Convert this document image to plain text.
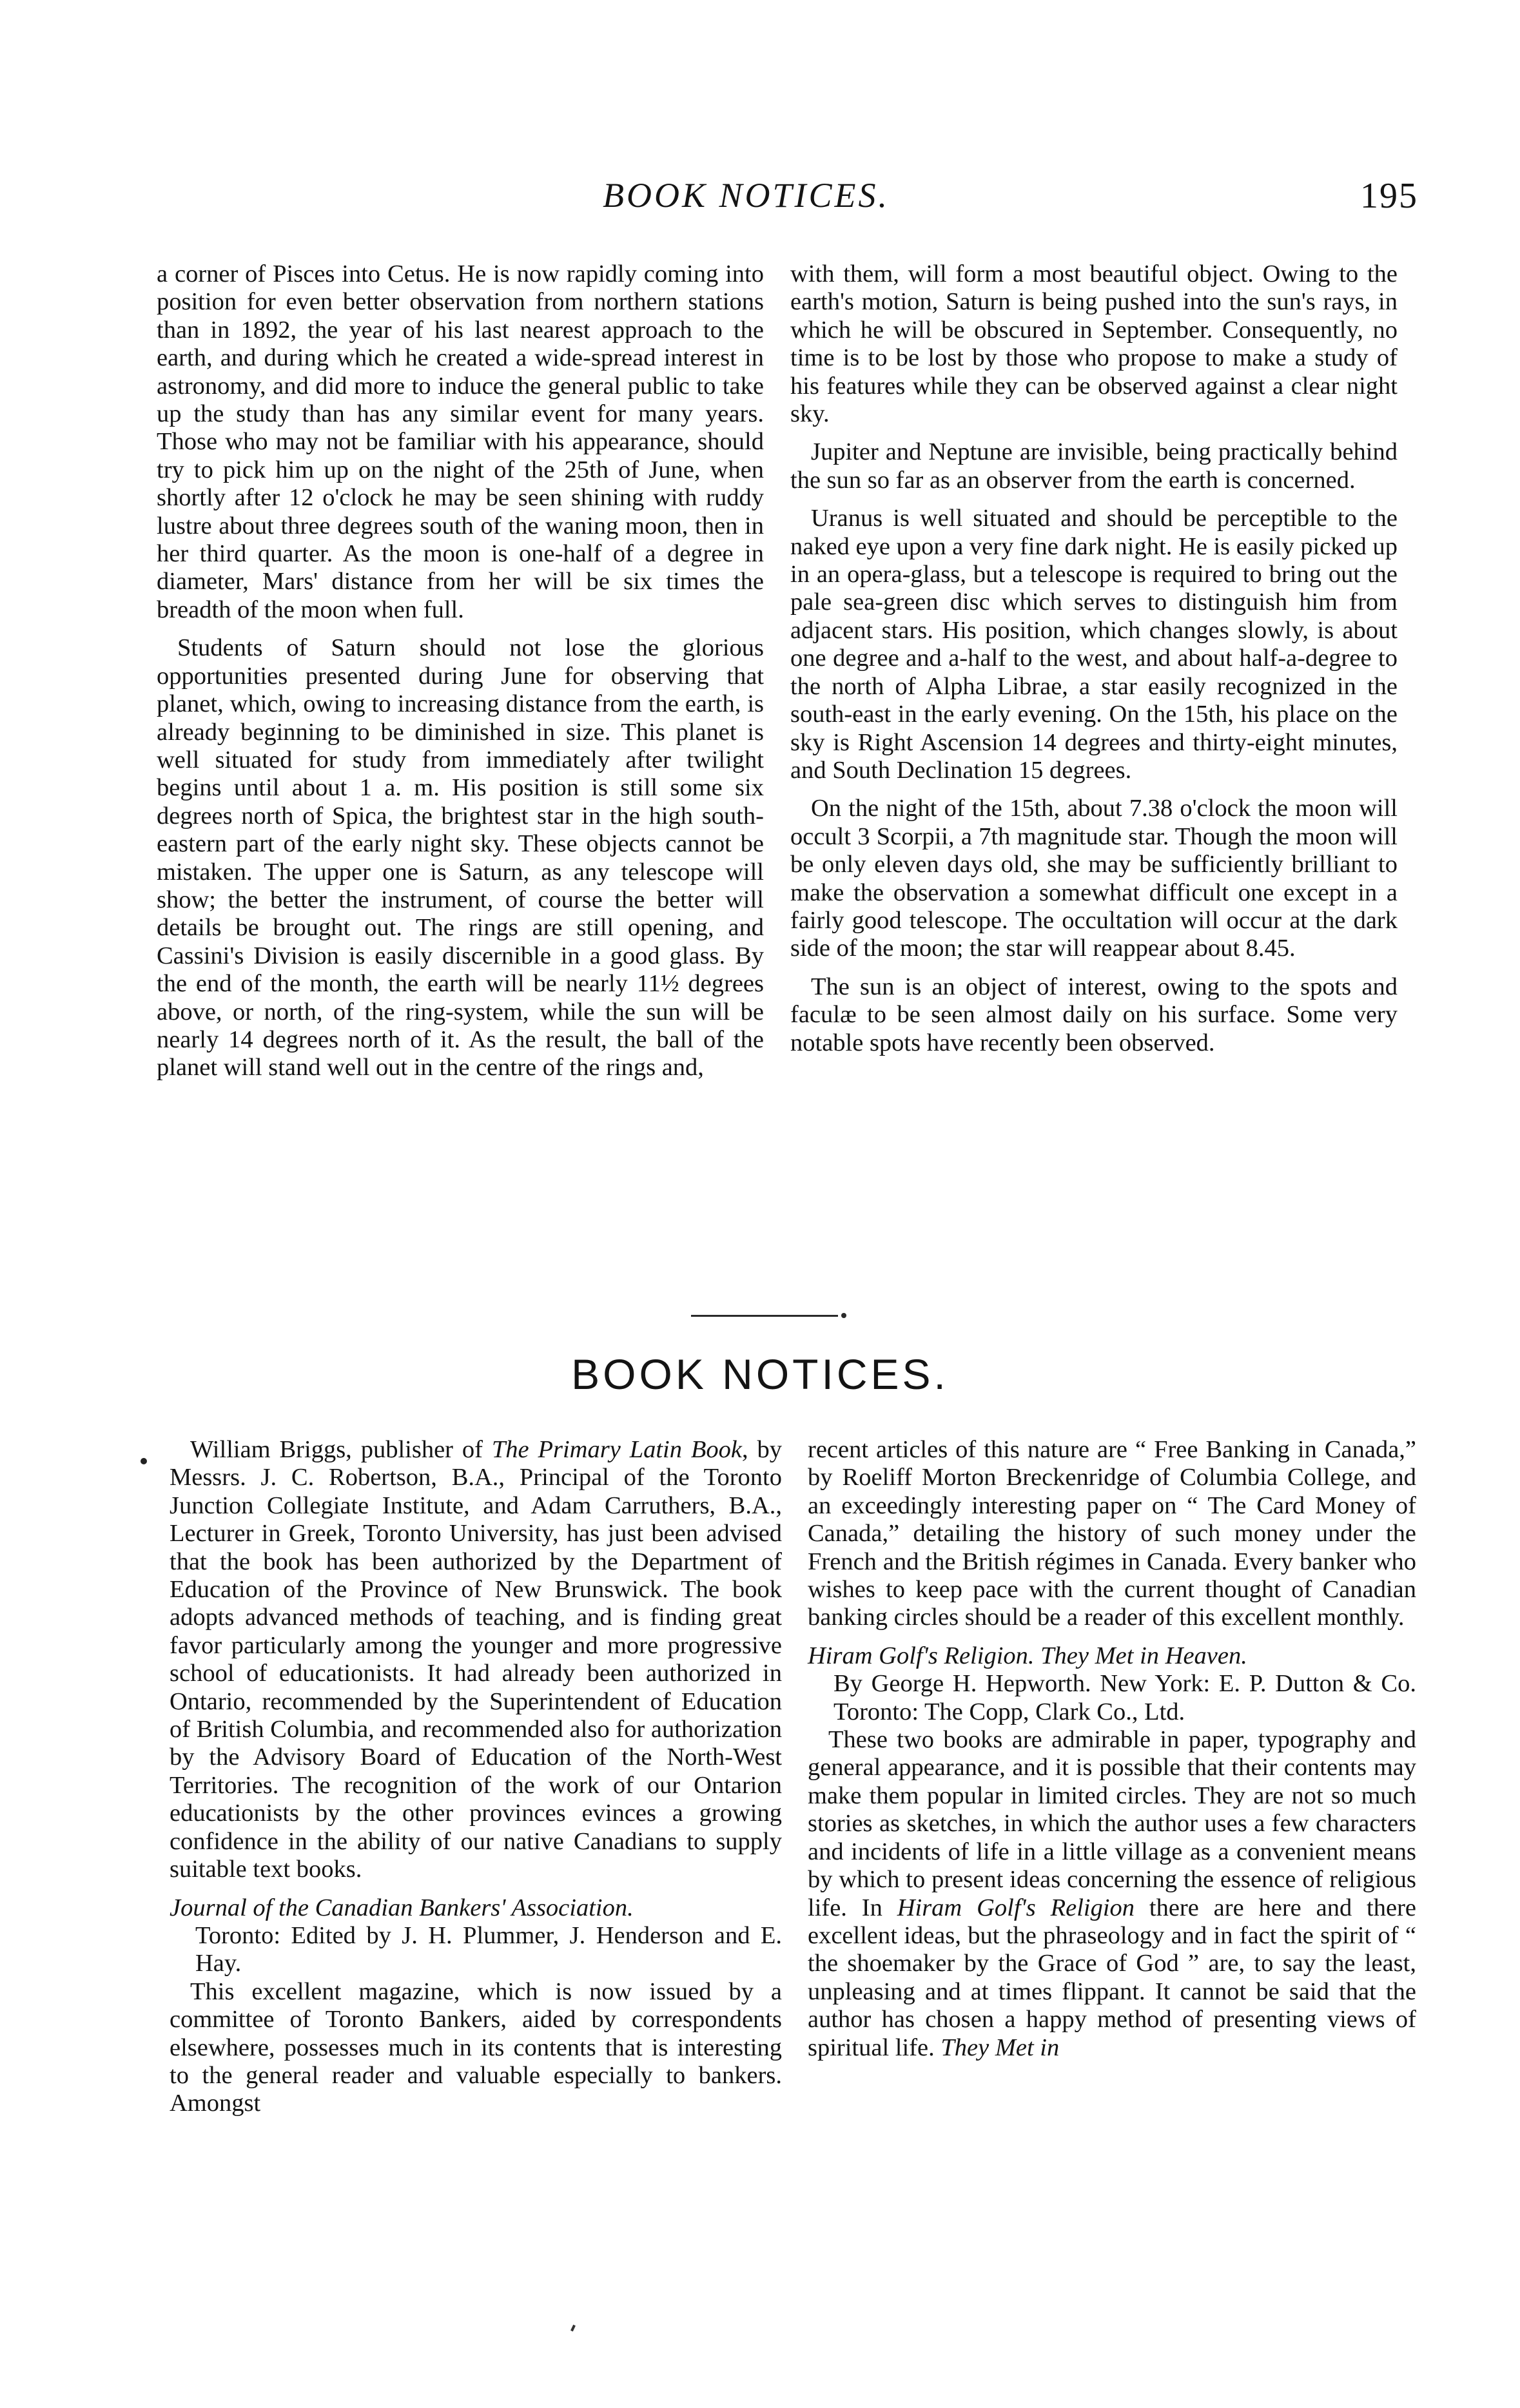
BOOK NOTICES.	195

a corner of Pisces into Cetus. He is now rapidly coming into position for even better observation from northern stations than in 1892, the year of his last nearest approach to the earth, and during which he created a wide-spread interest in astronomy, and did more to induce the general public to take up the study than has any similar event for many years. Those who may not be familiar with his appearance, should try to pick him up on the night of the 25th of June, when shortly after 12 o'clock he may be seen shining with ruddy lustre about three degrees south of the waning moon, then in her third quarter. As the moon is one-half of a degree in diameter, Mars' distance from her will be six times the breadth of the moon when full.

Students of Saturn should not lose the glorious opportunities presented during June for observing that planet, which, owing to increasing distance from the earth, is already beginning to be diminished in size. This planet is well situated for study from immediately after twilight begins until about 1 a. m. His position is still some six degrees north of Spica, the brightest star in the high south-eastern part of the early night sky. These objects cannot be mistaken. The upper one is Saturn, as any telescope will show; the better the instrument, of course the better will details be brought out. The rings are still opening, and Cassini's Division is easily discernible in a good glass. By the end of the month, the earth will be nearly 11½ degrees above, or north, of the ring-system, while the sun will be nearly 14 degrees north of it. As the result, the ball of the planet will stand well out in the centre of the rings and,

with them, will form a most beautiful object. Owing to the earth's motion, Saturn is being pushed into the sun's rays, in which he will be obscured in September. Consequently, no time is to be lost by those who propose to make a study of his features while they can be observed against a clear night sky.

Jupiter and Neptune are invisible, being practically behind the sun so far as an observer from the earth is concerned.

Uranus is well situated and should be perceptible to the naked eye upon a very fine dark night. He is easily picked up in an opera-glass, but a telescope is required to bring out the pale sea-green disc which serves to distinguish him from adjacent stars. His position, which changes slowly, is about one degree and a-half to the west, and about half-a-degree to the north of Alpha Librae, a star easily recognized in the south-east in the early evening. On the 15th, his place on the sky is Right Ascension 14 degrees and thirty-eight minutes, and South Declination 15 degrees.

On the night of the 15th, about 7.38 o'clock the moon will occult 3 Scorpii, a 7th magnitude star. Though the moon will be only eleven days old, she may be sufficiently brilliant to make the observation a somewhat difficult one except in a fairly good telescope. The occultation will occur at the dark side of the moon; the star will reappear about 8.45.

The sun is an object of interest, owing to the spots and faculæ to be seen almost daily on his surface. Some very notable spots have recently been observed.

BOOK NOTICES.

William Briggs, publisher of The Primary Latin Book, by Messrs. J. C. Robertson, B.A., Principal of the Toronto Junction Collegiate Institute, and Adam Carruthers, B.A., Lecturer in Greek, Toronto University, has just been advised that the book has been authorized by the Department of Education of the Province of New Brunswick. The book adopts advanced methods of teaching, and is finding great favor particularly among the younger and more progressive school of educationists. It had already been authorized in Ontario, recommended by the Superintendent of Education of British Columbia, and recommended also for authorization by the Advisory Board of Education of the North-West Territories. The recognition of the work of our Ontarion educationists by the other provinces evinces a growing confidence in the ability of our native Canadians to supply suitable text books.

Journal of the Canadian Bankers' Association.
Toronto: Edited by J. H. Plummer, J. Henderson and E. Hay.

This excellent magazine, which is now issued by a committee of Toronto Bankers, aided by correspondents elsewhere, possesses much in its contents that is interesting to the general reader and valuable especially to bankers. Amongst

recent articles of this nature are “ Free Banking in Canada,” by Roeliff Morton Breckenridge of Columbia College, and an exceedingly interesting paper on “ The Card Money of Canada,” detailing the history of such money under the French and the British régimes in Canada. Every banker who wishes to keep pace with the current thought of Canadian banking circles should be a reader of this excellent monthly.

Hiram Golf's Religion. They Met in Heaven.
By George H. Hepworth. New York: E. P. Dutton & Co. Toronto: The Copp, Clark Co., Ltd.

These two books are admirable in paper, typography and general appearance, and it is possible that their contents may make them popular in limited circles. They are not so much stories as sketches, in which the author uses a few characters and incidents of life in a little village as a convenient means by which to present ideas concerning the essence of religious life. In Hiram Golf's Religion there are here and there excellent ideas, but the phraseology and in fact the spirit of “ the shoemaker by the Grace of God ” are, to say the least, unpleasing and at times flippant. It cannot be said that the author has chosen a happy method of presenting views of spiritual life. They Met in
